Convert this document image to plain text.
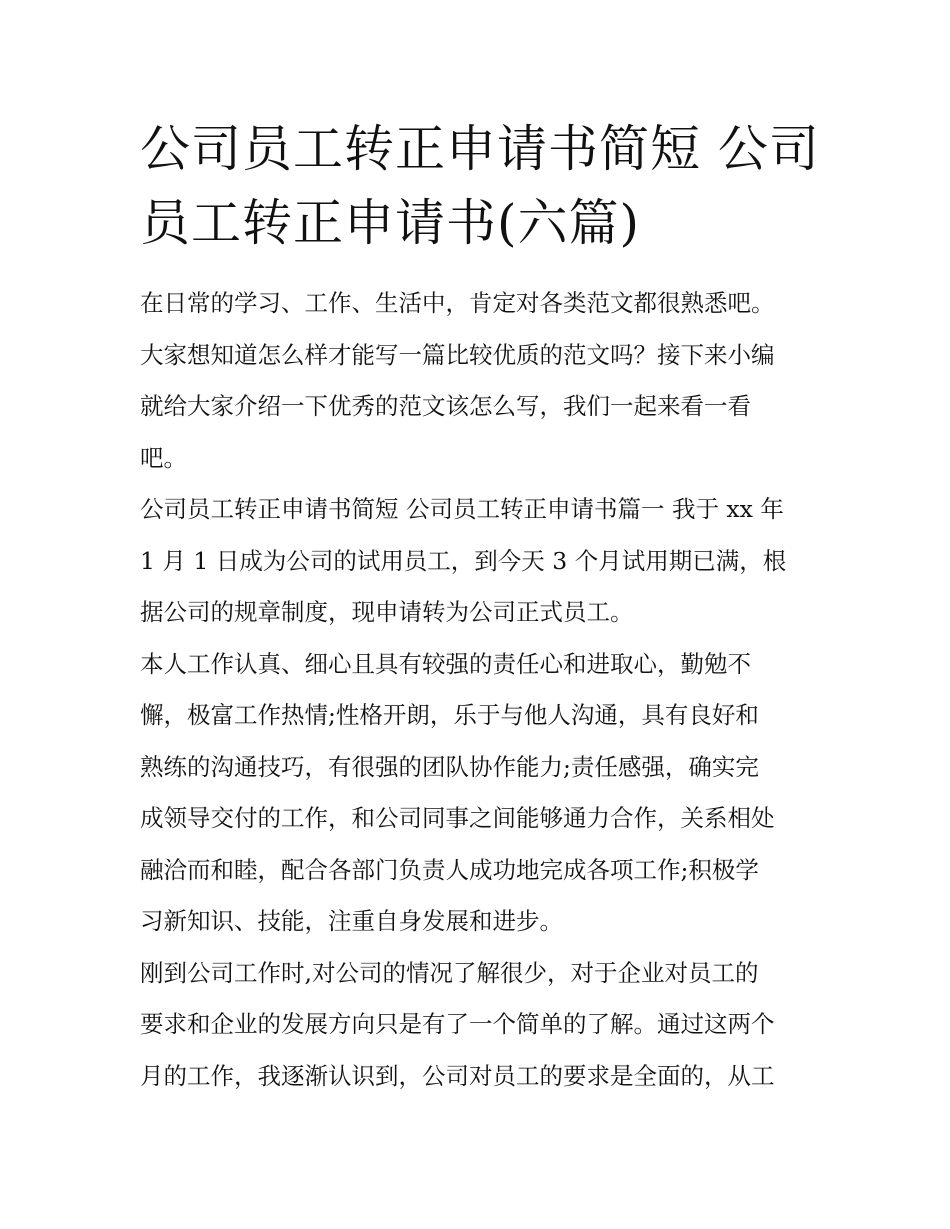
公司员工转正申请书简短 公司
员工转正申请书(六篇)

在日常的学习、工作、生活中，肯定对各类范文都很熟悉吧。
大家想知道怎么样才能写一篇比较优质的范文吗？接下来小编
就给大家介绍一下优秀的范文该怎么写，我们一起来看一看
吧。

公司员工转正申请书简短 公司员工转正申请书篇一 我于 xx 年
1 月 1 日成为公司的试用员工，到今天 3 个月试用期已满，根
据公司的规章制度，现申请转为公司正式员工。

本人工作认真、细心且具有较强的责任心和进取心，勤勉不
懈，极富工作热情;性格开朗，乐于与他人沟通，具有良好和
熟练的沟通技巧，有很强的团队协作能力;责任感强，确实完
成领导交付的工作，和公司同事之间能够通力合作，关系相处
融洽而和睦，配合各部门负责人成功地完成各项工作;积极学
习新知识、技能，注重自身发展和进步。

刚到公司工作时,对公司的情况了解很少，对于企业对员工的
要求和企业的发展方向只是有了一个简单的了解。通过这两个
月的工作，我逐渐认识到，公司对员工的要求是全面的，从工
